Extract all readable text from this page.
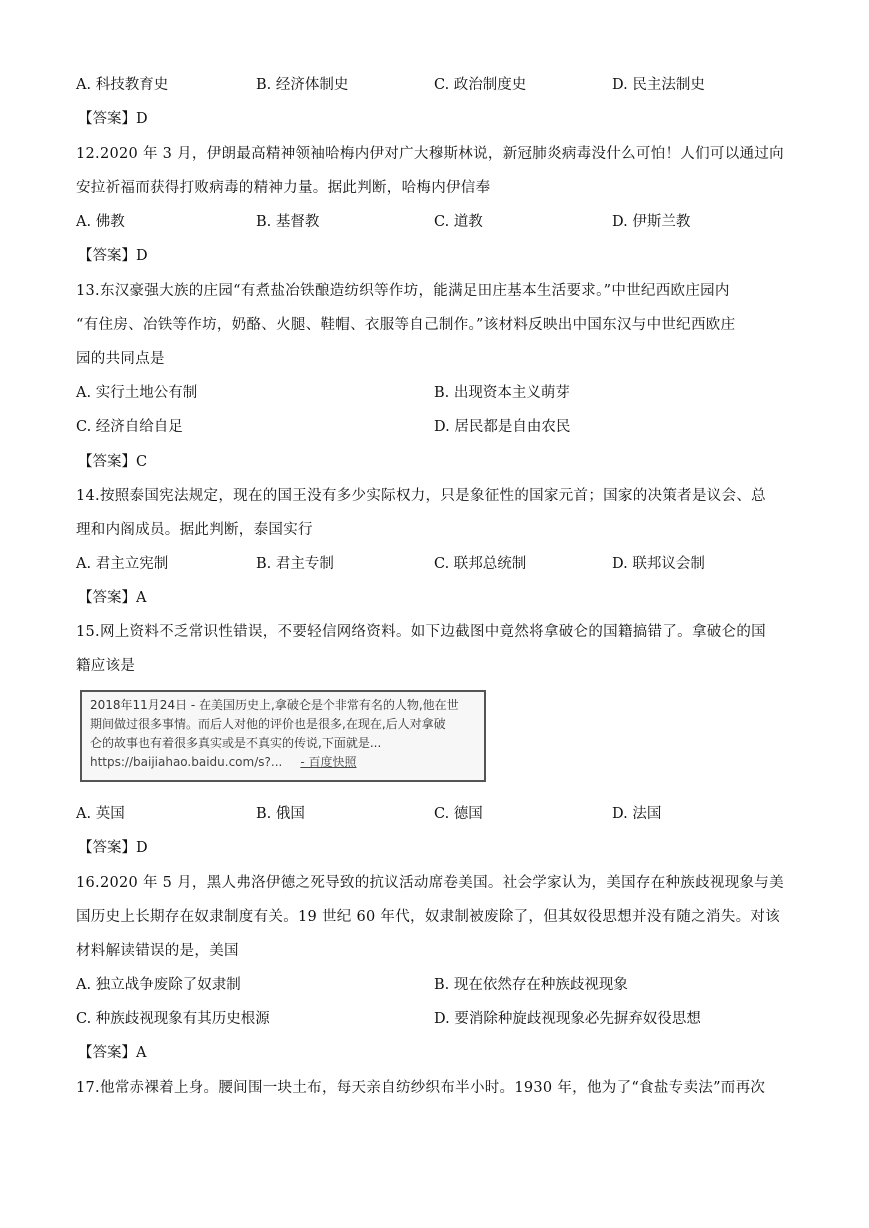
A. 科技教育史	B. 经济体制史	C. 政治制度史	D. 民主法制史
【答案】D
12.2020 年 3 月，伊朗最高精神领袖哈梅内伊对广大穆斯林说，新冠肺炎病毒没什么可怕！人们可以通过向
安拉祈福而获得打败病毒的精神力量。据此判断，哈梅内伊信奉
A. 佛教	B. 基督教	C. 道教	D. 伊斯兰教
【答案】D
13.东汉豪强大族的庄园“有煮盐冶铁酿造纺织等作坊，能满足田庄基本生活要求。”中世纪西欧庄园内
“有住房、冶铁等作坊，奶酪、火腿、鞋帽、衣服等自己制作。”该材料反映出中国东汉与中世纪西欧庄
园的共同点是
A. 实行土地公有制	B. 出现资本主义萌芽
C. 经济自给自足	D. 居民都是自由农民
【答案】C
14.按照泰国宪法规定，现在的国王没有多少实际权力，只是象征性的国家元首；国家的决策者是议会、总
理和内阁成员。据此判断，泰国实行
A. 君主立宪制	B. 君主专制	C. 联邦总统制	D. 联邦议会制
【答案】A
15.网上资料不乏常识性错误，不要轻信网络资料。如下边截图中竟然将拿破仑的国籍搞错了。拿破仑的国
籍应该是
2018年11月24日 - 在美国历史上,拿破仑是个非常有名的人物,他在世
期间做过很多事情。而后人对他的评价也是很多,在现在,后人对拿破
仑的故事也有着很多真实或是不真实的传说,下面就是...
https://baijiahao.baidu.com/s?... - 百度快照
A. 英国	B. 俄国	C. 德国	D. 法国
【答案】D
16.2020 年 5 月，黑人弗洛伊德之死导致的抗议活动席卷美国。社会学家认为，美国存在种族歧视现象与美
国历史上长期存在奴隶制度有关。19 世纪 60 年代，奴隶制被废除了，但其奴役思想并没有随之消失。对该
材料解读错误的是，美国
A. 独立战争废除了奴隶制	B. 现在依然存在种族歧视现象
C. 种族歧视现象有其历史根源	D. 要消除种旋歧视现象必先摒弃奴役思想
【答案】A
17.他常赤裸着上身。腰间围一块土布，每天亲自纺纱织布半小时。1930 年，他为了“食盐专卖法”而再次
